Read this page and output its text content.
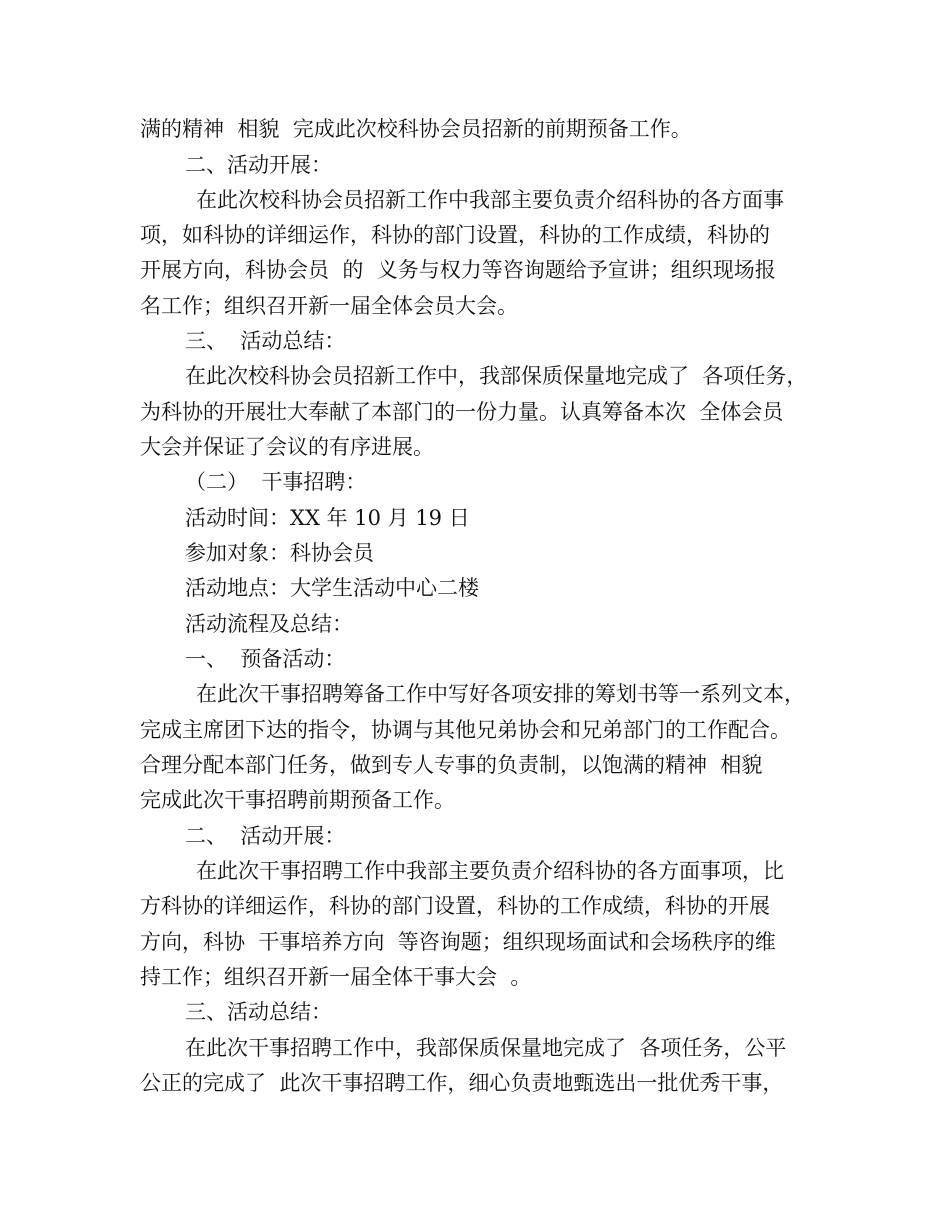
满的精神  相貌  完成此次校科协会员招新的前期预备工作。
二、活动开展：
在此次校科协会员招新工作中我部主要负责介绍科协的各方面事
项，如科协的详细运作，科协的部门设置，科协的工作成绩，科协的
开展方向，科协会员  的  义务与权力等咨询题给予宣讲；组织现场报
名工作；组织召开新一届全体会员大会。
三、  活动总结：
在此次校科协会员招新工作中，我部保质保量地完成了  各项任务，
为科协的开展壮大奉献了本部门的一份力量。认真筹备本次  全体会员
大会并保证了会议的有序进展。
（二）  干事招聘：
活动时间：XX 年 10 月 19 日
参加对象：科协会员
活动地点：大学生活动中心二楼
活动流程及总结：
一、  预备活动：
在此次干事招聘筹备工作中写好各项安排的筹划书等一系列文本，
完成主席团下达的指令，协调与其他兄弟协会和兄弟部门的工作配合。
合理分配本部门任务，做到专人专事的负责制，以饱满的精神  相貌
完成此次干事招聘前期预备工作。
二、  活动开展：
在此次干事招聘工作中我部主要负责介绍科协的各方面事项，比
方科协的详细运作，科协的部门设置，科协的工作成绩，科协的开展
方向，科协  干事培养方向  等咨询题；组织现场面试和会场秩序的维
持工作；组织召开新一届全体干事大会  。
三、活动总结：
在此次干事招聘工作中，我部保质保量地完成了  各项任务，公平
公正的完成了  此次干事招聘工作，细心负责地甄选出一批优秀干事，
